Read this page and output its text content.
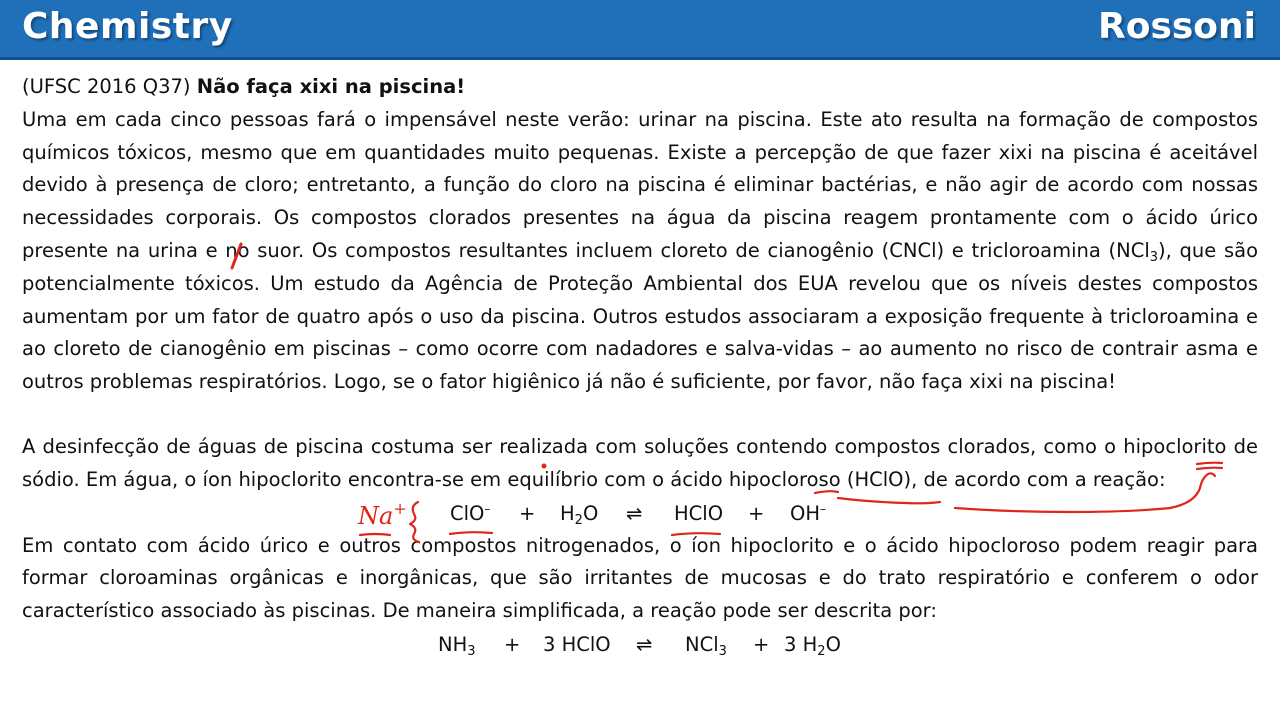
Chemistry	Rossoni

(UFSC 2016 Q37) Não faça xixi na piscina!

Uma em cada cinco pessoas fará o impensável neste verão: urinar na piscina. Este ato resulta na formação de compostos químicos tóxicos, mesmo que em quantidades muito pequenas. Existe a percepção de que fazer xixi na piscina é aceitável devido à presença de cloro; entretanto, a função do cloro na piscina é eliminar bactérias, e não agir de acordo com nossas necessidades corporais. Os compostos clorados presentes na água da piscina reagem prontamente com o ácido úrico presente na urina e no suor. Os compostos resultantes incluem cloreto de cianogênio (CNCl) e tricloroamina (NCl$_3$), que são potencialmente tóxicos. Um estudo da Agência de Proteção Ambiental dos EUA revelou que os níveis destes compostos aumentam por um fator de quatro após o uso da piscina. Outros estudos associaram a exposição frequente à tricloroamina e ao cloreto de cianogênio em piscinas – como ocorre com nadadores e salva-vidas – ao aumento no risco de contrair asma e outros problemas respiratórios. Logo, se o fator higiênico já não é suficiente, por favor, não faça xixi na piscina!

A desinfecção de águas de piscina costuma ser realizada com soluções contendo compostos clorados, como o hipoclorito de sódio. Em água, o íon hipoclorito encontra-se em equilíbrio com o ácido hipocloroso (HClO), de acordo com a reação:

$ClO^- + H_2O$ ⇌ HClO + OH–

Em contato com ácido úrico e outros compostos nitrogenados, o íon hipoclorito e o ácido hipocloroso podem reagir para formar cloroaminas orgânicas e inorgânicas, que são irritantes de mucosas e do trato respiratório e conferem o odor característico associado às piscinas. De maneira simplificada, a reação pode ser descrita por:

$NH_3 + 3$ HClO ⇌ NCl$_3$ + 3 $H_2O$
Na+
